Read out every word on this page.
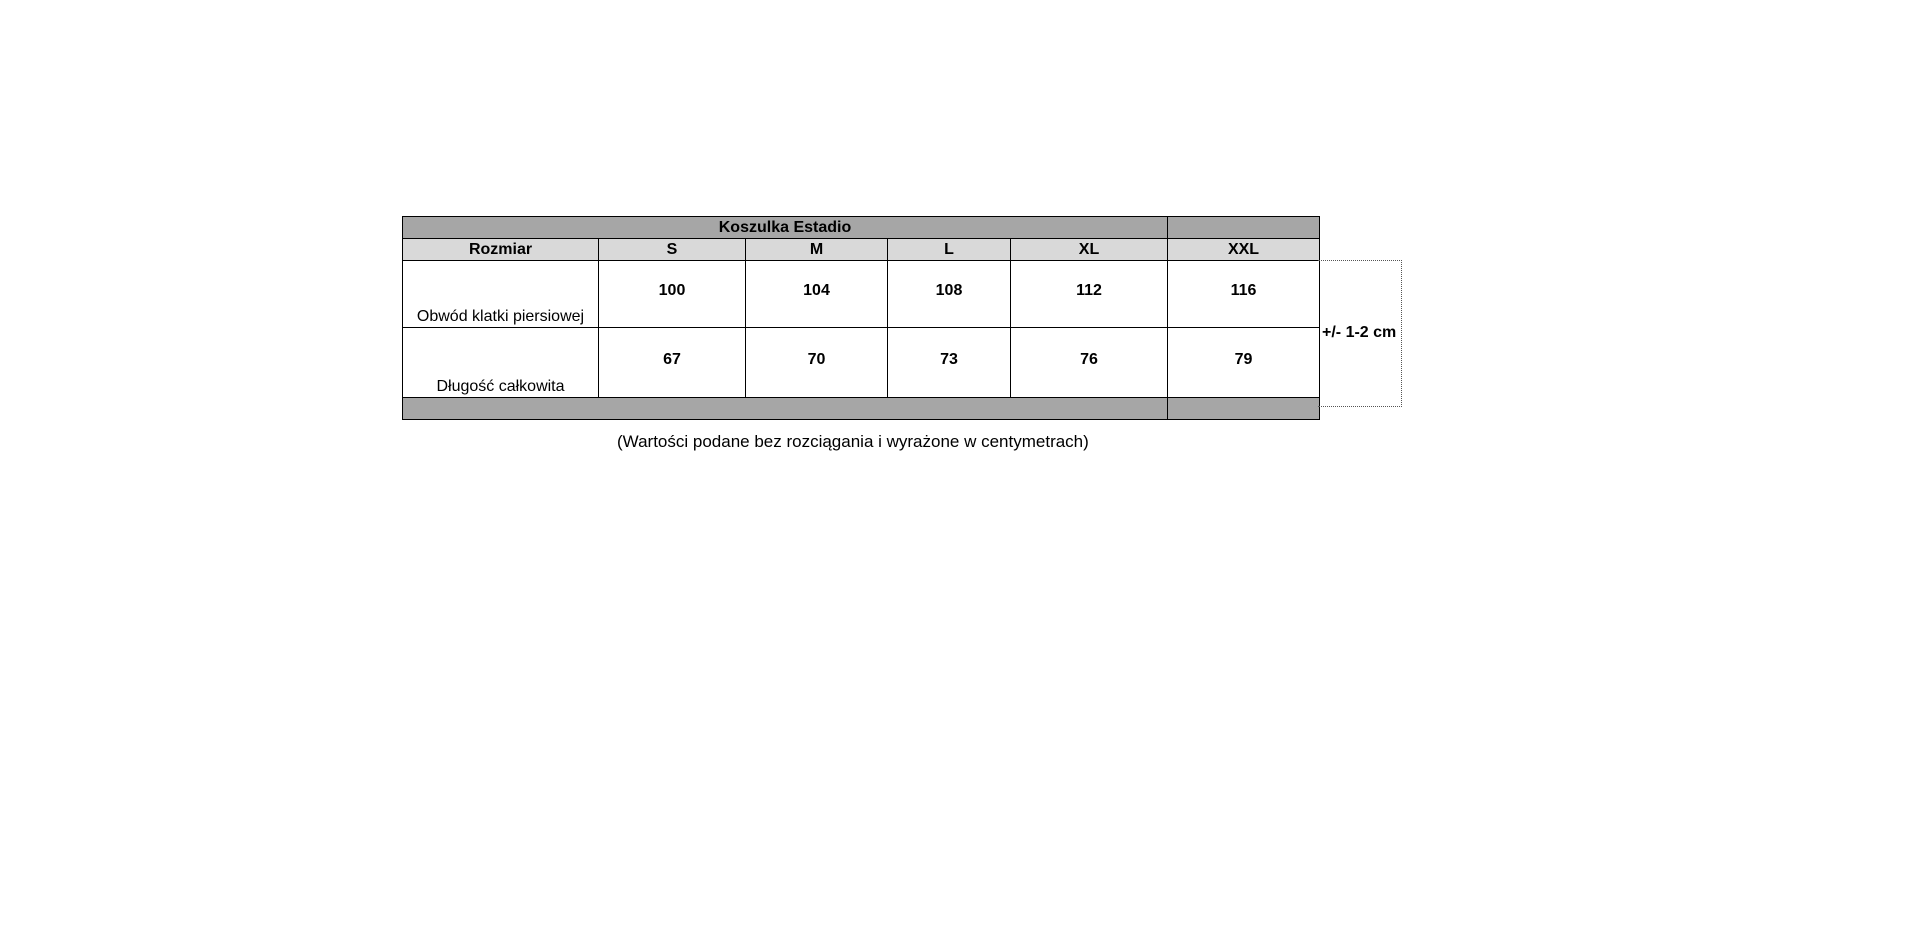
Koszulka Estadio					
Rozmiar	S	M	L	XL	XXL
Obwód klatki piersiowej	100	104	108	112	116
Długość całkowita	67	70	73	76	79

+/- 1-2 cm
(Wartości podane bez rozciągania i wyrażone w centymetrach)
